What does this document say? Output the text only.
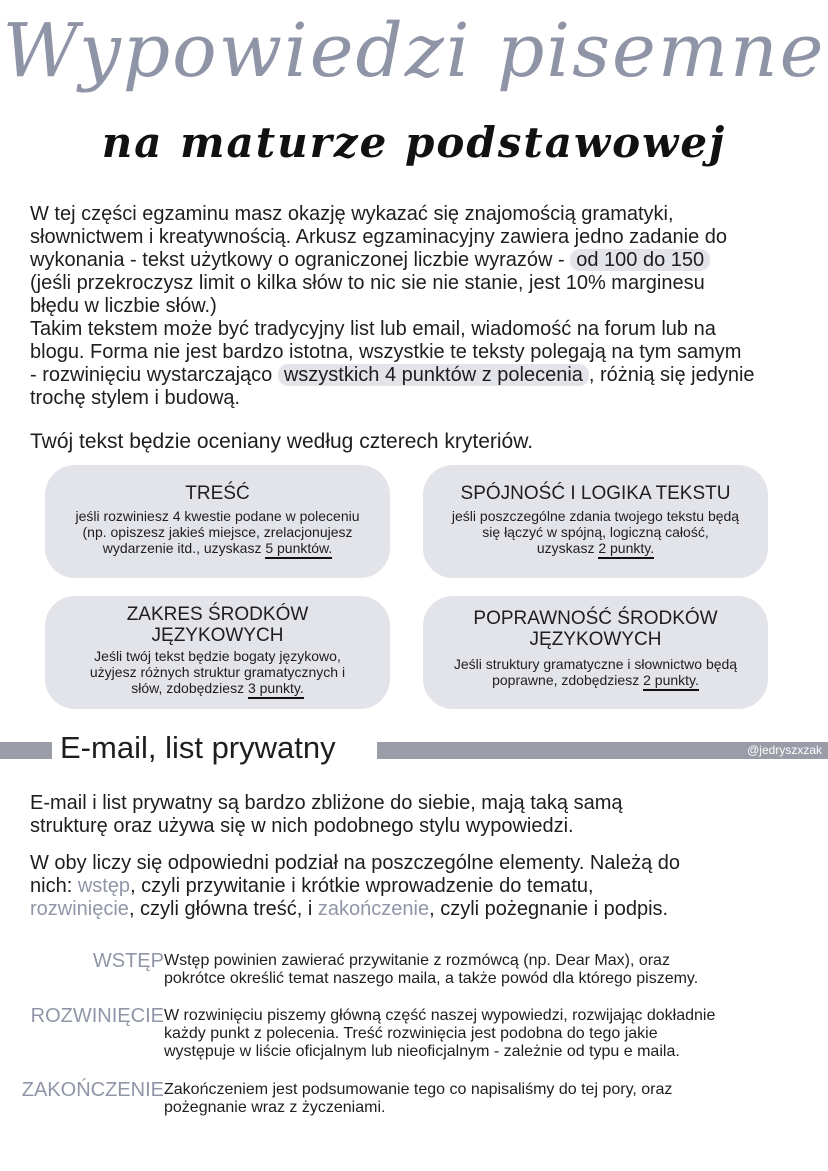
Wypowiedzi pisemne
na maturze podstawowej
W tej części egzaminu masz okazję wykazać się znajomością gramatyki,
słownictwem i kreatywnością. Arkusz egzaminacyjny zawiera jedno zadanie do
wykonania - tekst użytkowy o ograniczonej liczbie wyrazów - od 100 do 150
(jeśli przekroczysz limit o kilka słów to nic sie nie stanie, jest 10% marginesu
błędu w liczbie słów.)
Takim tekstem może być tradycyjny list lub email, wiadomość na forum lub na
blogu. Forma nie jest bardzo istotna, wszystkie te teksty polegają na tym samym
- rozwinięciu wystarczająco wszystkich 4 punktów z polecenia , różnią się jedynie
trochę stylem i budową.
Twój tekst będzie oceniany według czterech kryteriów.
TREŚĆ
jeśli rozwiniesz 4 kwestie podane w poleceniu
(np. opiszesz jakieś miejsce, zrelacjonujesz
wydarzenie itd., uzyskasz 5 punktów.
SPÓJNOŚĆ I LOGIKA TEKSTU
jeśli poszczególne zdania twojego tekstu będą
się łączyć w spójną, logiczną całość,
uzyskasz 2 punkty.
ZAKRES ŚRODKÓW JĘZYKOWYCH
Jeśli twój tekst będzie bogaty językowo,
użyjesz różnych struktur gramatycznych i
słów, zdobędziesz 3 punkty.
POPRAWNOŚĆ ŚRODKÓW JĘZYKOWYCH
Jeśli struktury gramatyczne i słownictwo będą
poprawne, zdobędziesz 2 punkty.
E-mail, list prywatny	@jedryszxzak
E-mail i list prywatny są bardzo zbliżone do siebie, mają taką samą
strukturę oraz używa się w nich podobnego stylu wypowiedzi.
W oby liczy się odpowiedni podział na poszczególne elementy. Należą do
nich: wstęp, czyli przywitanie i krótkie wprowadzenie do tematu,
rozwinięcie, czyli główna treść, i zakończenie, czyli pożegnanie i podpis.
WSTĘP Wstęp powinien zawierać przywitanie z rozmówcą (np. Dear Max), oraz
pokrótce określić temat naszego maila, a także powód dla którego piszemy.
ROZWINIĘCIE W rozwinięciu piszemy główną część naszej wypowiedzi, rozwijając dokładnie
każdy punkt z polecenia. Treść rozwinięcia jest podobna do tego jakie
występuje w liście oficjalnym lub nieoficjalnym - zależnie od typu e maila.
ZAKOŃCZENIE Zakończeniem jest podsumowanie tego co napisaliśmy do tej pory, oraz
pożegnanie wraz z życzeniami.
